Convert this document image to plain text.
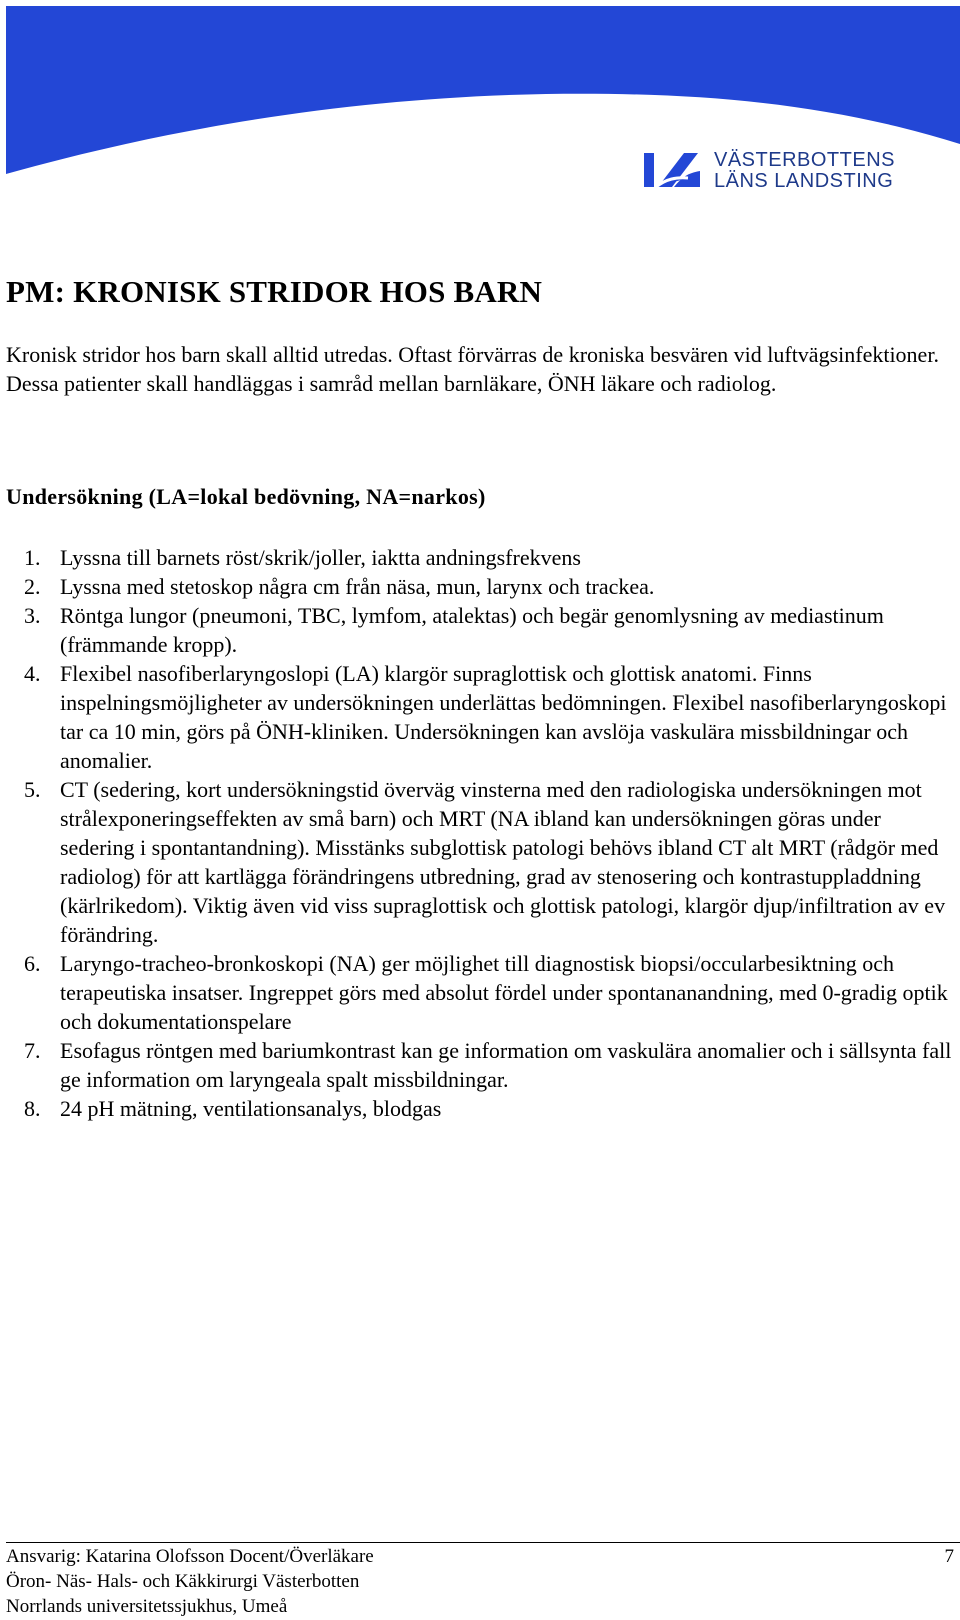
VÄSTERBOTTENS
LÄNS LANDSTING
PM: KRONISK STRIDOR HOS BARN

Kronisk stridor hos barn skall alltid utredas. Oftast förvärras de kroniska besvären vid luftvägsinfektioner. Dessa patienter skall handläggas i samråd mellan barnläkare, ÖNH läkare och radiolog.

Undersökning (LA=lokal bedövning, NA=narkos)
1. Lyssna till barnets röst/skrik/joller, iaktta andningsfrekvens
2. Lyssna med stetoskop några cm från näsa, mun, larynx och trackea.
3. Röntga lungor (pneumoni, TBC, lymfom, atalektas) och begär genomlysning av mediastinum (främmande kropp).
4. Flexibel nasofiberlaryngoslopi (LA) klargör supraglottisk och glottisk anatomi. Finns inspelningsmöjligheter av undersökningen underlättas bedömningen. Flexibel nasofiberlaryngoskopi tar ca 10 min, görs på ÖNH-kliniken. Undersökningen kan avslöja vaskulära missbildningar och anomalier.
5. CT (sedering, kort undersökningstid överväg vinsterna med den radiologiska undersökningen mot strålexponeringseffekten av små barn) och MRT (NA ibland kan undersökningen göras under sedering i spontantandning). Misstänks subglottisk patologi behövs ibland CT alt MRT (rådgör med radiolog) för att kartlägga förändringens utbredning, grad av stenosering och kontrastuppladdning (kärlrikedom). Viktig även vid viss supraglottisk och glottisk patologi, klargör djup/infiltration av ev förändring.
6. Laryngo-tracheo-bronkoskopi (NA) ger möjlighet till diagnostisk biopsi/occularbesiktning och terapeutiska insatser. Ingreppet görs med absolut fördel under spontananandning, med 0-gradig optik och dokumentationspelare
7. Esofagus röntgen med bariumkontrast kan ge information om vaskulära anomalier och i sällsynta fall ge information om laryngeala spalt missbildningar.
8. 24 pH mätning, ventilationsanalys, blodgas
Ansvarig: Katarina Olofsson Docent/Överläkare
Öron- Näs- Hals- och Käkkirurgi Västerbotten
Norrlands universitetssjukhus, Umeå
7
